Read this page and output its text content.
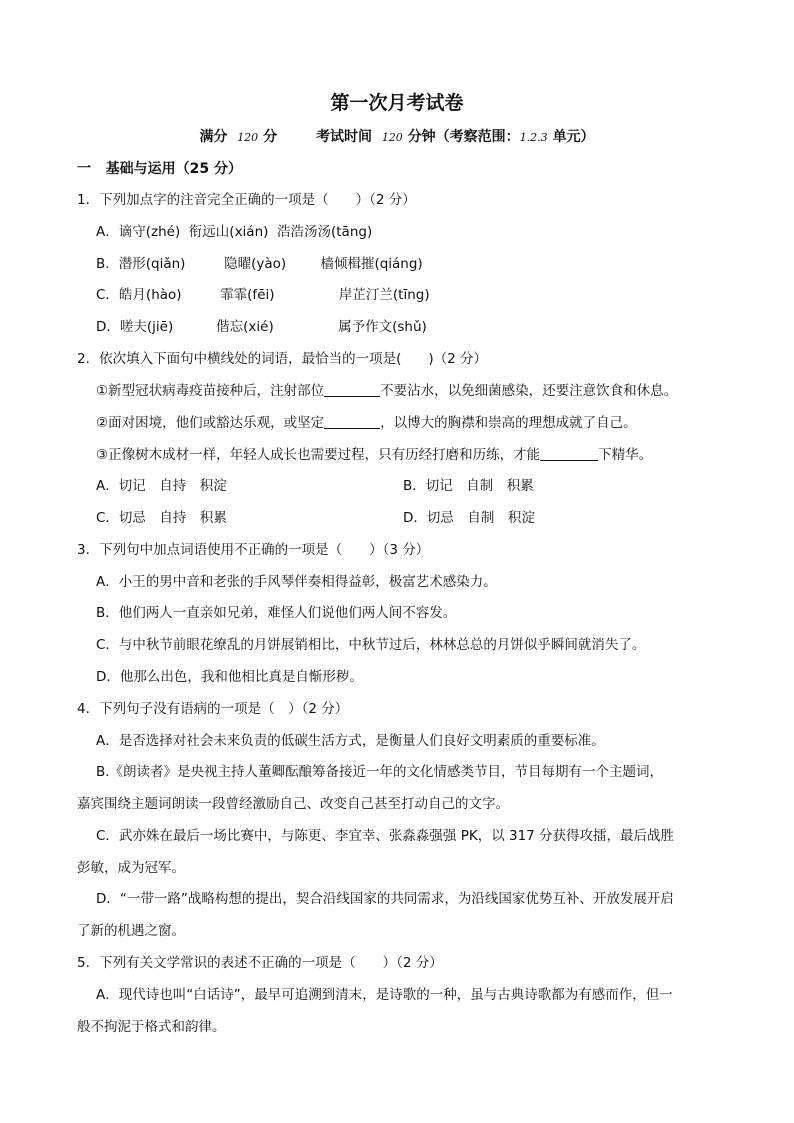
第一次月考试卷
满分 120 分	考试时间 120 分钟（考察范围：1.2.3 单元）
一 基础与运用（25 分）
1．下列加点字的注音完全正确的一项是（　　）（2 分）
A．谪守(zhé)  衔远山(xián)  浩浩汤汤(tāng)
B．潜形(qiǎn)         隐曜(yào)        樯倾楫摧(qiáng)
C．皓月(hào)         霏霏(fēi)               岸芷汀兰(tīng)
D．嗟夫(jiē)          偕忘(xié)               属予作文(shǔ)
2．依次填入下面句中横线处的词语，最恰当的一项是(　　)（2 分）
①新型冠状病毒疫苗接种后，注射部位	不要沾水，以免细菌感染，还要注意饮食和休息。
②面对困境，他们或豁达乐观，或坚定	，以博大的胸襟和崇高的理想成就了自己。
③正像树木成材一样，年轻人成长也需要过程，只有历经打磨和历练，才能	下精华。
A．切记　自持　积淀	B．切记　自制　积累
C．切忌　自持　积累	D．切忌　自制　积淀
3．下列句中加点词语使用不正确的一项是（　　）（3 分）
A．小王的男中音和老张的手风琴伴奏相得益彰，极富艺术感染力。
B．他们两人一直亲如兄弟，难怪人们说他们两人间不容发。
C．与中秋节前眼花缭乱的月饼展销相比，中秋节过后，林林总总的月饼似乎瞬间就消失了。
D．他那么出色，我和他相比真是自惭形秽。
4．下列句子没有语病的一项是（　）（2 分）
A．是否选择对社会未来负责的低碳生活方式，是衡量人们良好文明素质的重要标准。
B.《朗读者》是央视主持人董卿酝酿筹备接近一年的文化情感类节目，节目每期有一个主题词，
嘉宾围绕主题词朗读一段曾经激励自己、改变自己甚至打动自己的文字。
C．武亦姝在最后一场比赛中，与陈更、李宜幸、张淼淼强强 PK，以 317 分获得攻擂，最后战胜
彭敏，成为冠军。
D．“一带一路”战略构想的提出，契合沿线国家的共同需求，为沿线国家优势互补、开放发展开启
了新的机遇之窗。
5．下列有关文学常识的表述不正确的一项是（　　）（2 分）
A．现代诗也叫“白话诗”，最早可追溯到清末，是诗歌的一种，虽与古典诗歌都为有感而作，但一
般不拘泥于格式和韵律。
